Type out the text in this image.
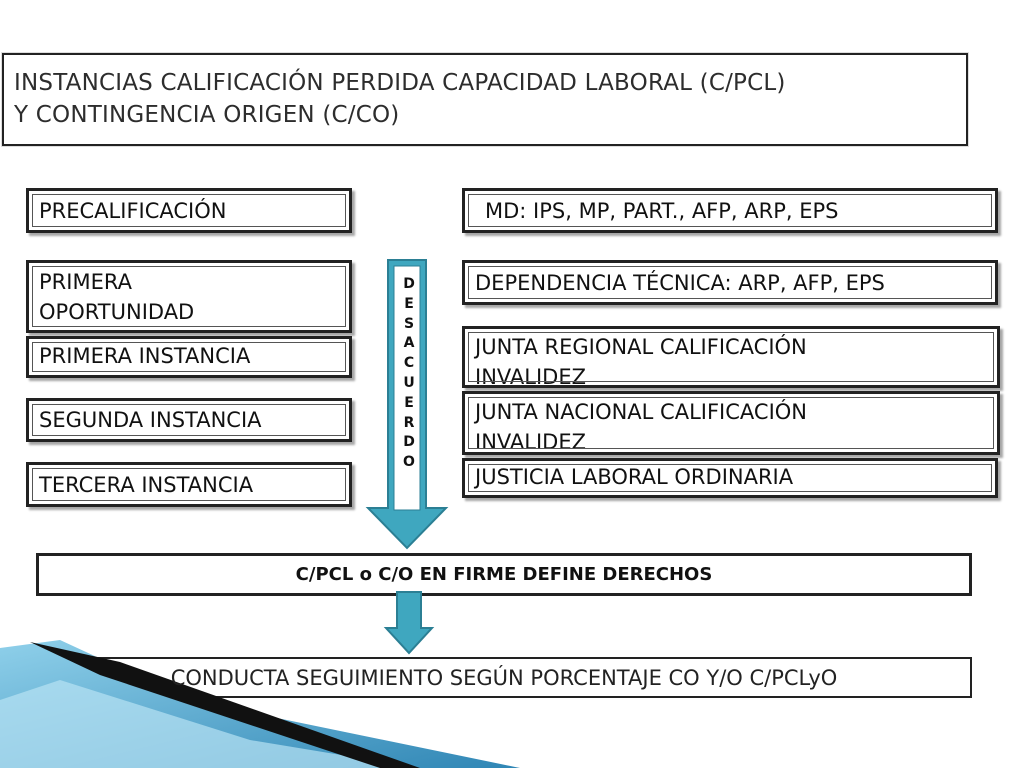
INSTANCIAS CALIFICACIÓN PERDIDA CAPACIDAD LABORAL (C/PCL)
Y CONTINGENCIA ORIGEN (C/CO)
PRECALIFICACIÓN
PRIMERA
OPORTUNIDAD
PRIMERA INSTANCIA
SEGUNDA INSTANCIA
TERCERA INSTANCIA
MD: IPS, MP, PART., AFP, ARP, EPS
DEPENDENCIA TÉCNICA: ARP, AFP, EPS
JUNTA REGIONAL CALIFICACIÓN
INVALIDEZ
JUNTA NACIONAL CALIFICACIÓN
INVALIDEZ
JUSTICIA LABORAL ORDINARIA
D
E
S
A
C
U
E
R
D
O
C/PCL o C/O EN FIRME DEFINE DERECHOS
CONDUCTA SEGUIMIENTO SEGÚN PORCENTAJE CO Y/O C/PCLyO
